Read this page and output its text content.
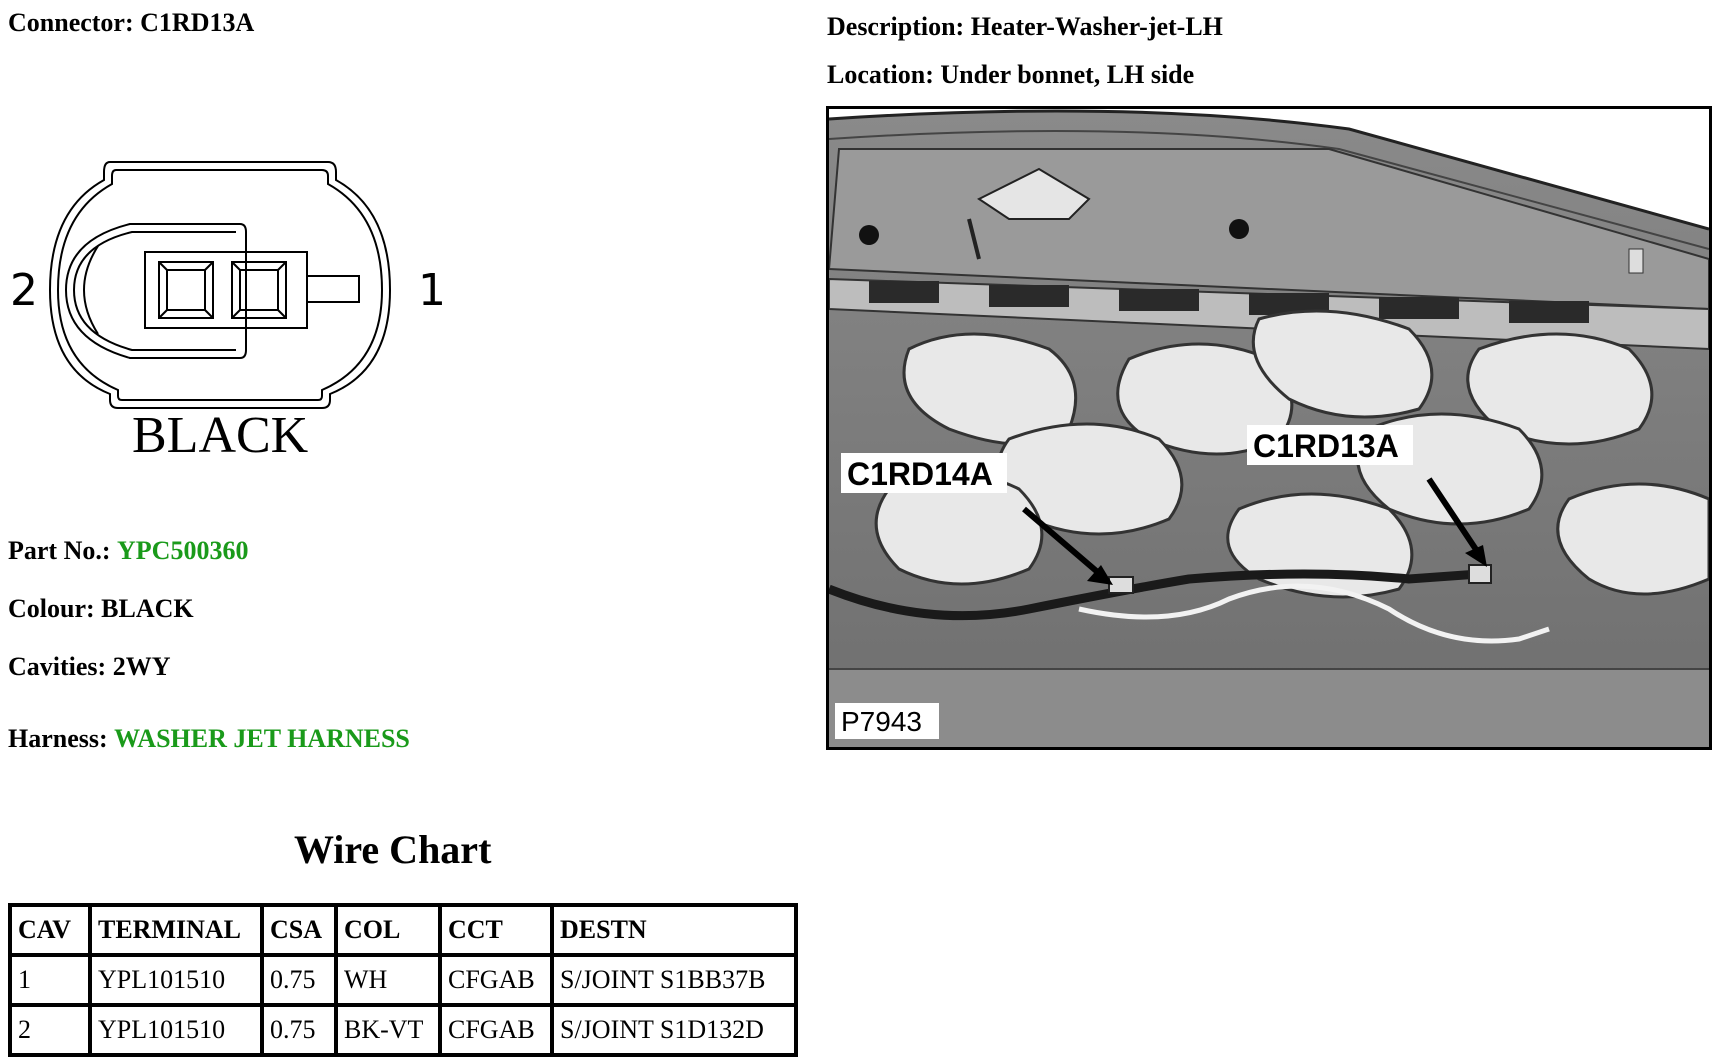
Connector: C1RD13A	Description: Heater-Washer-jet-LH
Location: Under bonnet, LH side
2	1
BLACK
Part No.: YPC500360
Colour: BLACK
Cavities: 2WY
Harness: WASHER JET HARNESS
C1RD14A
C1RD13A
P7943
Wire Chart
CAV	TERMINAL	CSA	COL	CCT	DESTN
1	YPL101510	0.75	WH	CFGAB	S/JOINT S1BB37B
2	YPL101510	0.75	BK-VT	CFGAB	S/JOINT S1D132D
